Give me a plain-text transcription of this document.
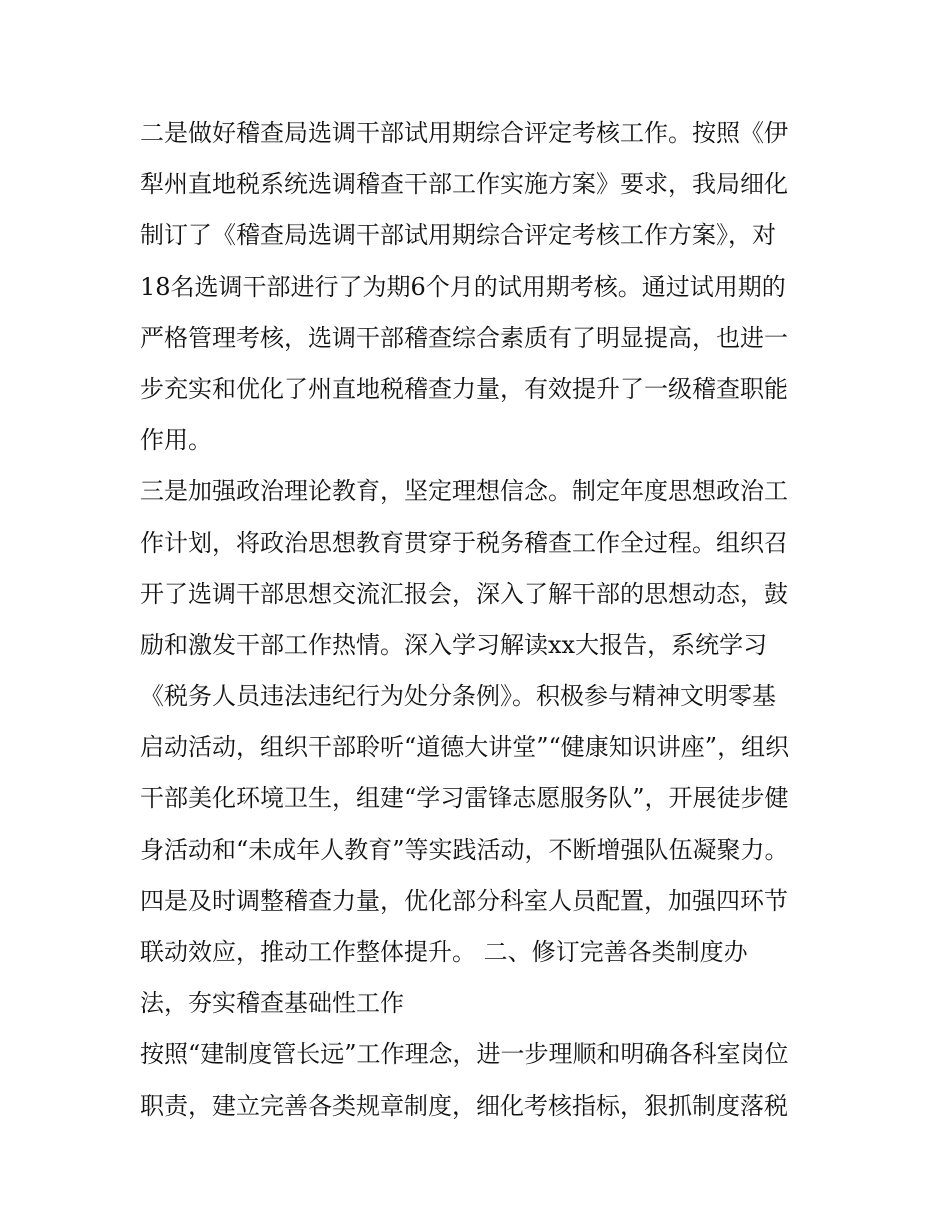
二是做好稽查局选调干部试用期综合评定考核工作。按照《伊
犁州直地税系统选调稽查干部工作实施方案》要求，我局细化
制订了《稽查局选调干部试用期综合评定考核工作方案》，对
18名选调干部进行了为期6个月的试用期考核。通过试用期的
严格管理考核，选调干部稽查综合素质有了明显提高，也进一
步充实和优化了州直地税稽查力量，有效提升了一级稽查职能
作用。
三是加强政治理论教育，坚定理想信念。制定年度思想政治工
作计划，将政治思想教育贯穿于税务稽查工作全过程。组织召
开了选调干部思想交流汇报会，深入了解干部的思想动态，鼓
励和激发干部工作热情。深入学习解读xx大报告，系统学习
《税务人员违法违纪行为处分条例》。积极参与精神文明零基
启动活动，组织干部聆听“道德大讲堂”“健康知识讲座”，组织
干部美化环境卫生，组建“学习雷锋志愿服务队”，开展徒步健
身活动和“未成年人教育”等实践活动，不断增强队伍凝聚力。
四是及时调整稽查力量，优化部分科室人员配置，加强四环节
联动效应，推动工作整体提升。 二、修订完善各类制度办
法，夯实稽查基础性工作
按照“建制度管长远”工作理念，进一步理顺和明确各科室岗位
职责，建立完善各类规章制度，细化考核指标，狠抓制度落税
